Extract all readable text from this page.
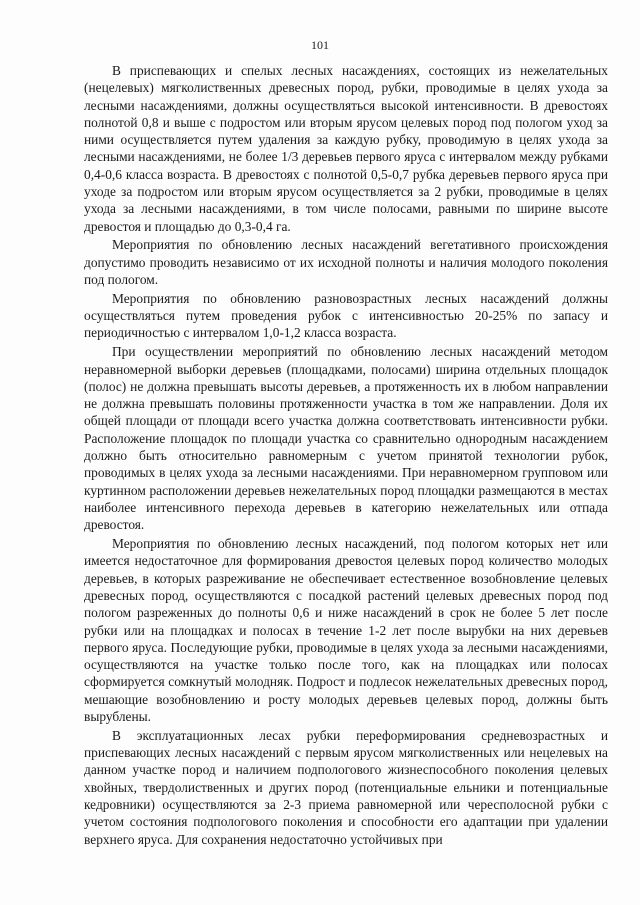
101

В приспевающих и спелых лесных насаждениях, состоящих из нежелательных (нецелевых) мягколиственных древесных пород, рубки, проводимые в целях ухода за лесными насаждениями, должны осуществляться высокой интенсивности. В древостоях полнотой 0,8 и выше с подростом или вторым ярусом целевых пород под пологом уход за ними осуществляется путем удаления за каждую рубку, проводимую в целях ухода за лесными насаждениями, не более 1/3 деревьев первого яруса с интервалом между рубками 0,4-0,6 класса возраста. В древостоях с полнотой 0,5-0,7 рубка деревьев первого яруса при уходе за подростом или вторым ярусом осуществляется за 2 рубки, проводимые в целях ухода за лесными насаждениями, в том числе полосами, равными по ширине высоте древостоя и площадью до 0,3-0,4 га.

Мероприятия по обновлению лесных насаждений вегетативного происхождения допустимо проводить независимо от их исходной полноты и наличия молодого поколения под пологом.

Мероприятия по обновлению разновозрастных лесных насаждений должны осуществляться путем проведения рубок с интенсивностью 20-25% по запасу и периодичностью с интервалом 1,0-1,2 класса возраста.

При осуществлении мероприятий по обновлению лесных насаждений методом неравномерной выборки деревьев (площадками, полосами) ширина отдельных площадок (полос) не должна превышать высоты деревьев, а протяженность их в любом направлении не должна превышать половины протяженности участка в том же направлении. Доля их общей площади от площади всего участка должна соответствовать интенсивности рубки. Расположение площадок по площади участка со сравнительно однородным насаждением должно быть относительно равномерным с учетом принятой технологии рубок, проводимых в целях ухода за лесными насаждениями. При неравномерном групповом или куртинном расположении деревьев нежелательных пород площадки размещаются в местах наиболее интенсивного перехода деревьев в категорию нежелательных или отпада древостоя.

Мероприятия по обновлению лесных насаждений, под пологом которых нет или имеется недостаточное для формирования древостоя целевых пород количество молодых деревьев, в которых разреживание не обеспечивает естественное возобновление целевых древесных пород, осуществляются с посадкой растений целевых древесных пород под пологом разреженных до полноты 0,6 и ниже насаждений в срок не более 5 лет после рубки или на площадках и полосах в течение 1-2 лет после вырубки на них деревьев первого яруса. Последующие рубки, проводимые в целях ухода за лесными насаждениями, осуществляются на участке только после того, как на площадках или полосах сформируется сомкнутый молодняк. Подрост и подлесок нежелательных древесных пород, мешающие возобновлению и росту молодых деревьев целевых пород, должны быть вырублены.

В эксплуатационных лесах рубки переформирования средневозрастных и приспевающих лесных насаждений с первым ярусом мягколиственных или нецелевых на данном участке пород и наличием подпологового жизнеспособного поколения целевых хвойных, твердолиственных и других пород (потенциальные ельники и потенциальные кедровники) осуществляются за 2-3 приема равномерной или чересполосной рубки с учетом состояния подпологового поколения и способности его адаптации при удалении верхнего яруса. Для сохранения недостаточно устойчивых при
